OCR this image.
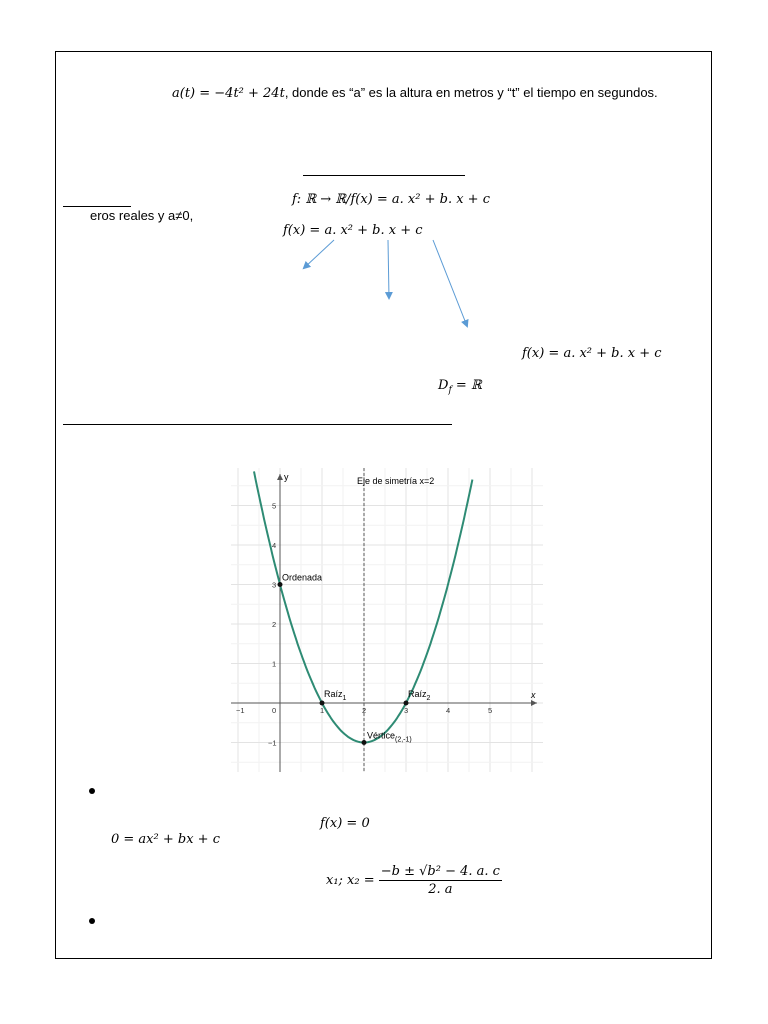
a(t) = −4t² + 24t, donde es “a” es la altura en metros y “t” el tiempo en segundos.
f: ℝ → ℝ/f(x) = a. x² + b. x + c
eros reales y a≠0,
f(x) = a. x² + b. x + c
f(x) = a. x² + b. x + c
$D_f$ = ℝ
Eje de simetría x=2
−1	0	1	2	3	4	5
5
4
3
2
1
−1
y
x
Ordenada
Raíz$_1$	Raíz$_2$
Vértice$_{(2,-1)}$
f(x) = 0
0 = ax² + bx + c
x₁; $x_2 = \frac{\text{−b ± √b² − 4. a. c}}{2. a}$
